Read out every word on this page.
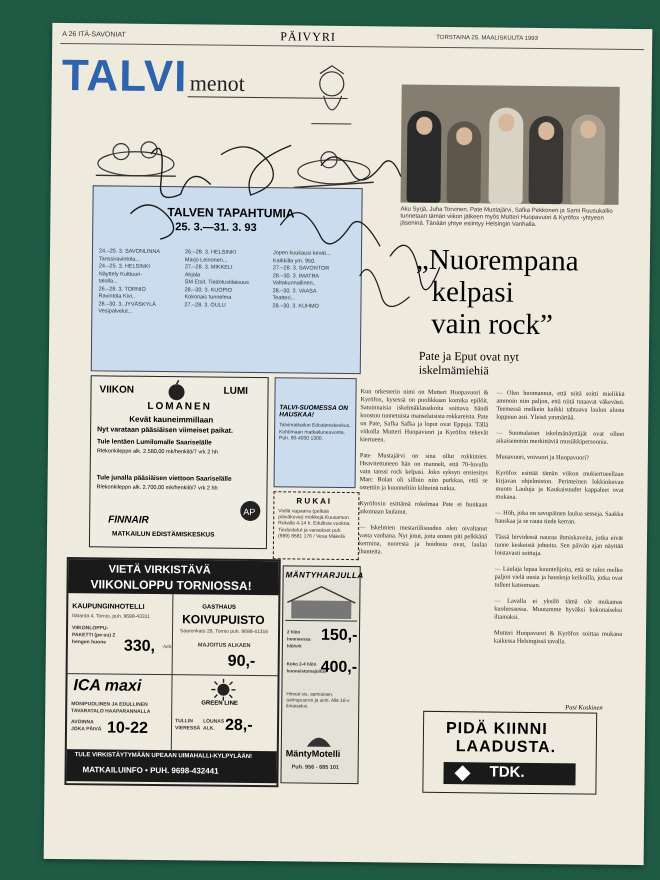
A 26 ITÄ-SAVONIAT	PÄIVYRI	TORSTAINA 25. MAALISKUUTA 1993
TALVI menot
TALVEN TAPAHTUMIA
25. 3.—31. 3. 93
24.–25. 3. SAVONLINNA
Tanssiravintola...
24.–25. 3. HELSINKI
Näyttely Kulttuuri-
talolla...
26.–28. 3. TORNIO
Ravintola Kivi..
28.–30. 3. JYVÄSKYLÄ
Vesipalvelut...
26.–28. 3. HELSINKI
Marjo Leinonen...
27.–28. 3. MIKKELI
Ahjola
SM Etsit. Tiedotustilaisuus
28.–30. 3. KUOPIO
Kokonais tunnelma
27.–28. 3. OULU
Jopen kuukausi kevät...
Kaikkilla ym. 950.
27.–28. 3. SAVONTOR
28.–30. 3. IMATRA
Valtakunnallinen..
28.–30. 3. VAASA
Teatteri...
28.–30. 3. KUHMO
Aku Syrjä, Juha Torvinen, Pate Mustajärvi, Safka Pekkonen ja Sami Ruusukallio tunnetaan tämän viikon jälkeen myös Mutteri Huopavuori & Kyröfox -yhtyeen jäseninä. Tänään yhtye esiintyy Helsingin Vanhalla.
„Nuorempana
kelpasi
vain rock”
Pate ja Eput ovat nyt iskelmämiehiä
Kun orkesterin nimi on Mutteri Huopavuori & Kyröfox, kysessä on puolikkaan komika epilöit. Satuinnaisia iskelmäklassikoita soittava bändi koostuu tunnetuista manselaisista rokkareista. Pate on Pate, Safka Safka ja loput ovat Eppuja. Tällä viikolla Mutteri Huopavuori ja Kyröfox tekevät kiertueen.

Pate Mustajärvi on sina ollut rokkimies. Heavitettuneen hän on mannelt, että 70-luvulla vain tanssi rock kelpasi. Joko syksyn ensiesitys Marc Bolan oli silloin niin purkkaa, että se ostettiin ja kuunneltiin kiltteinä tutkia.

Kyröfoxin esittämä rokelmaa Pate ei hunkaan aikoinaan laulanut.

— Iskelmien mestariilisuuden olen oivaltanut vasta vanhana. Nyt jotut, joita ennen piti pelkkänä kermina, nuoresta ja hoidosta ovat, laulaa ihanteita.
— Olen huomannut, että niitä soitti mielikkä ammoin niin paljon, että niitä tutaavat väkevästi. Teemessä melkein kaikki tahtaava laulun alusta loppuun asti. Yleisö ymmärtää.

— Suomalaiset iskelmänäyttäjät ovat olleet aikaisemmin merkittäviä musiikkipersoonia.

Munavuori, voivuori ja Huopavuori?

Kyröfox esittää tämän viikon mukiertueellaan kirjavan ohjelmiston. Perinteinen lokkinkuvan muoto Lauluja ja Kaukaisuudet kappaleet ovat mukana.

— Höh, joka on savupäinen laulua sesseja. Saakka hauskaa ja se rauta tiede kerran.

Tässä hirvidessä nauraa ihmiskaveita, jotka eivät tunne keskeisiä johteita. Sen päivän ajan näyttää loistavasti soittaja.

— Laulaja lupaa kuuntelijoita, että se tulee melko paljon vielä uusia ja hauskoja keikoilla, jotka ovat tulleet katsomaan.

— Lavalla ei yksilö tämä ole mukamas kuoleessessa. Muutamme hyväksi kokonaiseksi iltamaksi.

Mutteri Huopavuori & Kyröfox soittaa mukana kaikessa Helsingissä tavalla.
Pasi Koskinen
VIIKON	LUMI
LOMANEN
Kevät kauneimmillaan
Nyt varataan pääsiäisen viimeiset paikat.
Tule lentäen Lumilomalle Saariselälle
Rlekonkileppn alk. 2.580,00 mk/henkilö/7 vrk 2 hh
Tule junalla pääsiäisen viettoon Saariselälle
Rlekonkileppn alk. 2.700,00 mk/henkilö/7 vrk 2 hh
AP
FINNAIR
MATKAILUN EDISTÄMISKESKUS
TALVI-SUOMESSA ON HAUSKAA!
Talvimatkailun Edistämiskeskus, Kohtimaan matkailuneuvonta. Puh. 90-4030 1300.
R U K A I
Viellä vapaana (pelkää päiväkuvia) mökkejä Kuusamon Rukalla 4-14 h. Edullisia vuokria. Tiedustelut ja varaukset puh. (989) 8681 176 / Vesa Mäkelä
VIETÄ VIRKISTÄVÄ
VIIKONLOPPU TORNIOSSA!
KAUPUNGINHOTELLI
Itäranta 4, Tornio, puh. 9698-43311
VIIKONLOPPU-PAKETTI (pe-su) 2 hengen huone	330, -/vrk
GASTHAUS
KOIVUPUISTO
Saarenkatu 28, Tornio puh. 9698-41316
MAJOITUS ALKAEN
90,-
ICA maxi
MONIPUOLINEN JA EDULLINEN TAVARATALO HAAPARANNALLA
AVOINNA JOKA PÄIVÄ 10-22
GREEN LINE
TULLIN VIERESSÄ
LOUNAS ALK. 28,-
TULE VIRKISTÄYTYMÄÄN UPEAAN UIMAHALLI-KYLPYLÄÄN!
MATKAILUINFO • PUH. 9698-432441
MÄNTYHARJULLA
150,-
2 hlön huoneessa hlö/vrk
400,-
Koko 2-4 hlön huoneistomajoitus
Hinnat sis. aamiaisen, aamupuuron ja uinti. Alle 16-v ilmaiseksi.
MäntyMotelli
Puh. 956 - 685 101
PIDÄ KIINNI
LAADUSTA.
TDK.
